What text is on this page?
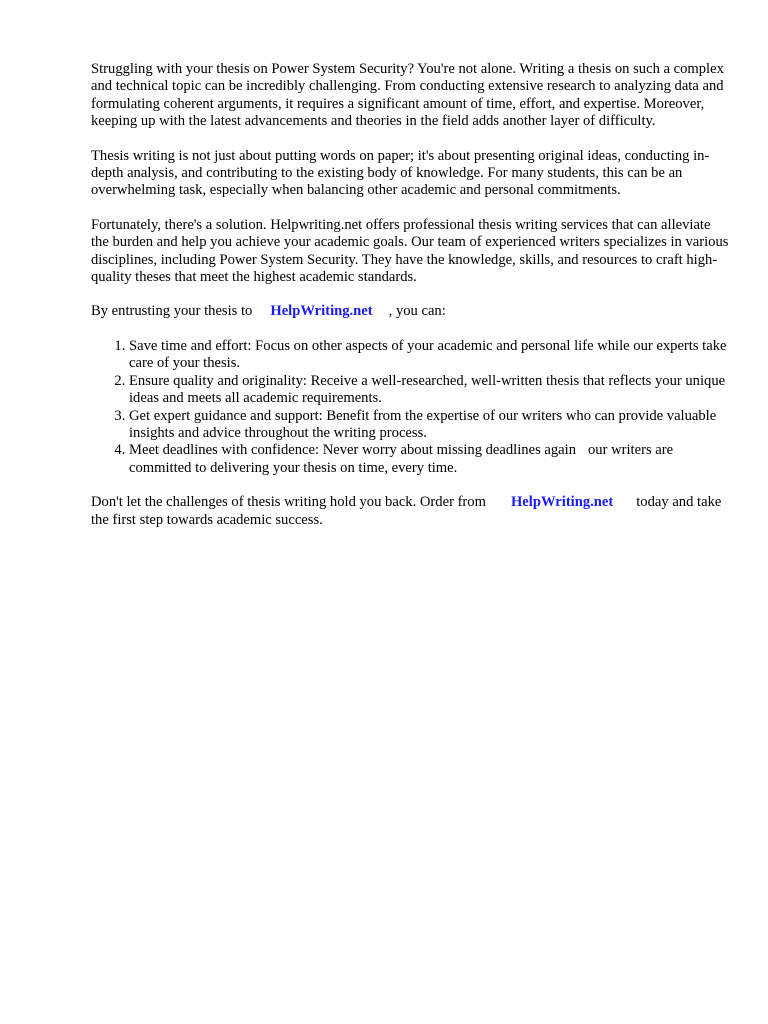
Struggling with your thesis on Power System Security? You're not alone. Writing a thesis on such a complex and technical topic can be incredibly challenging. From conducting extensive research to analyzing data and formulating coherent arguments, it requires a significant amount of time, effort, and expertise. Moreover, keeping up with the latest advancements and theories in the field adds another layer of difficulty.

Thesis writing is not just about putting words on paper; it's about presenting original ideas, conducting in-depth analysis, and contributing to the existing body of knowledge. For many students, this can be an overwhelming task, especially when balancing other academic and personal commitments.

Fortunately, there's a solution. Helpwriting.net offers professional thesis writing services that can alleviate the burden and help you achieve your academic goals. Our team of experienced writers specializes in various disciplines, including Power System Security. They have the knowledge, skills, and resources to craft high-quality theses that meet the highest academic standards.

By entrusting your thesis to HelpWriting.net , you can:

1. Save time and effort: Focus on other aspects of your academic and personal life while our experts take care of your thesis.
2. Ensure quality and originality: Receive a well-researched, well-written thesis that reflects your unique ideas and meets all academic requirements.
3. Get expert guidance and support: Benefit from the expertise of our writers who can provide valuable insights and advice throughout the writing process.
4. Meet deadlines with confidence: Never worry about missing deadlines again our writers are committed to delivering your thesis on time, every time.

Don't let the challenges of thesis writing hold you back. Order from HelpWriting.net today and take the first step towards academic success.
